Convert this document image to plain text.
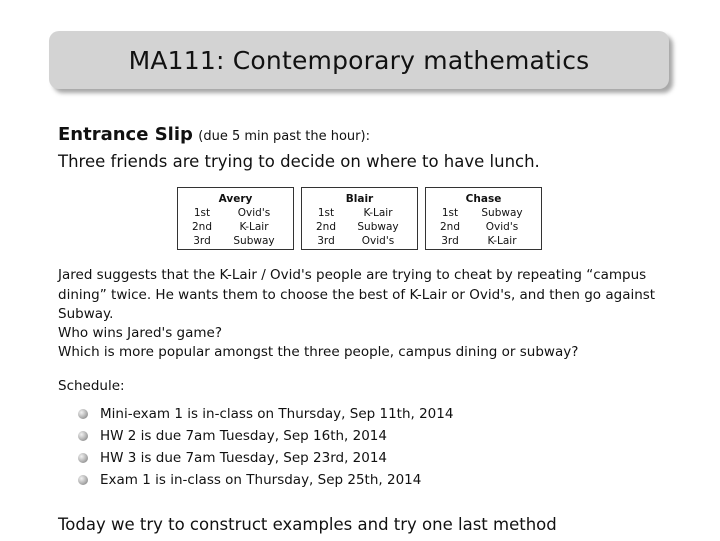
MA111: Contemporary mathematics
Entrance Slip (due 5 min past the hour):
Three friends are trying to decide on where to have lunch.
Avery
1st	Ovid's
2nd	K-Lair
3rd	Subway
Blair
1st	K-Lair
2nd	Subway
3rd	Ovid's
Chase
1st	Subway
2nd	Ovid's
3rd	K-Lair
Jared suggests that the K-Lair / Ovid's people are trying to cheat by repeating “campus
dining” twice. He wants them to choose the best of K-Lair or Ovid's, and then go against
Subway.
Who wins Jared's game?
Which is more popular amongst the three people, campus dining or subway?
Schedule:
Mini-exam 1 is in-class on Thursday, Sep 11th, 2014
HW 2 is due 7am Tuesday, Sep 16th, 2014
HW 3 is due 7am Tuesday, Sep 23rd, 2014
Exam 1 is in-class on Thursday, Sep 25th, 2014
Today we try to construct examples and try one last method
